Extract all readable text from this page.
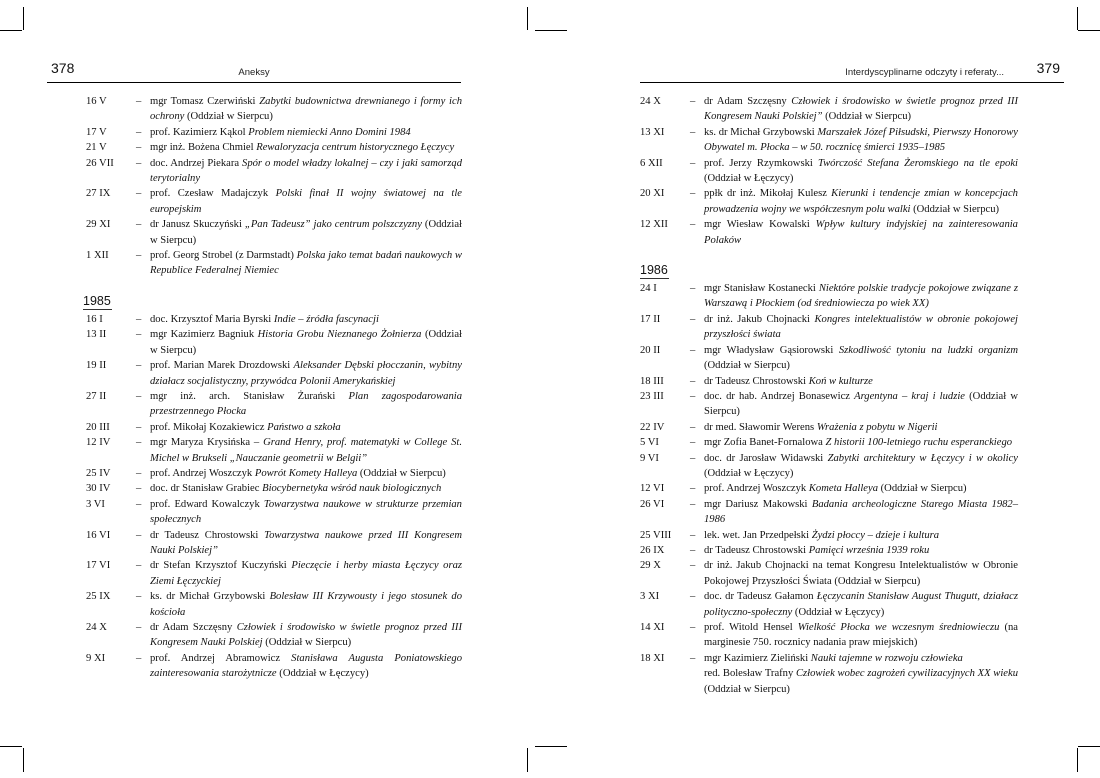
378	Aneksy	Interdyscyplinarne odczyty i referaty... 379
16 V	– mgr Tomasz Czerwiński Zabytki budownictwa drewnianego i formy ich ochrony (Oddział w Sierpcu)
17 V	– prof. Kazimierz Kąkol Problem niemiecki Anno Domini 1984
21 V	– mgr inż. Bożena Chmiel Rewaloryzacja centrum historycznego Łęczycy
26 VII	– doc. Andrzej Piekara Spór o model władzy lokalnej – czy i jaki samorząd terytorialny
27 IX	– prof. Czesław Madajczyk Polski finał II wojny światowej na tle europejskim
29 XI	– dr Janusz Skuczyński „Pan Tadeusz” jako centrum polszczyzny (Oddział w Sierpcu)
1 XII	– prof. Georg Strobel (z Darmstadt) Polska jako temat badań naukowych w Republice Federalnej Niemiec
1985
16 I	– doc. Krzysztof Maria Byrski Indie – źródła fascynacji
13 II	– mgr Kazimierz Bagniuk Historia Grobu Nieznanego Żołnierza (Oddział w Sierpcu)
19 II	– prof. Marian Marek Drozdowski Aleksander Dębski płocczanin, wybitny działacz socjalistyczny, przywódca Polonii Amerykańskiej
27 II	– mgr inż. arch. Stanisław Żurański Plan zagospodarowania przestrzennego Płocka
20 III	– prof. Mikołaj Kozakiewicz Państwo a szkoła
12 IV	– mgr Maryza Krysińska – Grand Henry, prof. matematyki w College St. Michel w Brukseli „Nauczanie geometrii w Belgii”
25 IV	– prof. Andrzej Woszczyk Powrót Komety Halleya (Oddział w Sierpcu)
30 IV	– doc. dr Stanisław Grabiec Biocybernetyka wśród nauk biologicznych
3 VI	– prof. Edward Kowalczyk Towarzystwa naukowe w strukturze przemian społecznych
16 VI	– dr Tadeusz Chrostowski Towarzystwa naukowe przed III Kongresem Nauki Polskiej”
17 VI	– dr Stefan Krzysztof Kuczyński Pieczęcie i herby miasta Łęczycy oraz Ziemi Łęczyckiej
25 IX	– ks. dr Michał Grzybowski Bolesław III Krzywousty i jego stosunek do kościoła
24 X	– dr Adam Szczęsny Człowiek i środowisko w świetle prognoz przed III Kongresem Nauki Polskiej (Oddział w Sierpcu)
9 XI	– prof. Andrzej Abramowicz Stanisława Augusta Poniatowskiego zainteresowania starożytnicze (Oddział w Łęczycy)
24 X	– dr Adam Szczęsny Człowiek i środowisko w świetle prognoz przed III Kongresem Nauki Polskiej” (Oddział w Sierpcu)
13 XI	– ks. dr Michał Grzybowski Marszałek Józef Piłsudski, Pierwszy Honorowy Obywatel m. Płocka – w 50. rocznicę śmierci 1935–1985
6 XII	– prof. Jerzy Rzymkowski Twórczość Stefana Żeromskiego na tle epoki (Oddział w Łęczycy)
20 XI	– ppłk dr inż. Mikołaj Kulesz Kierunki i tendencje zmian w koncepcjach prowadzenia wojny we współczesnym polu walki (Oddział w Sierpcu)
12 XII	– mgr Wiesław Kowalski Wpływ kultury indyjskiej na zainteresowania Polaków
1986
24 I	– mgr Stanisław Kostanecki Niektóre polskie tradycje pokojowe związane z Warszawą i Płockiem (od średniowiecza po wiek XX)
17 II	– dr inż. Jakub Chojnacki Kongres intelektualistów w obronie pokojowej przyszłości świata
20 II	– mgr Władysław Gąsiorowski Szkodliwość tytoniu na ludzki organizm (Oddział w Sierpcu)
18 III	– dr Tadeusz Chrostowski Koń w kulturze
23 III	– doc. dr hab. Andrzej Bonasewicz Argentyna – kraj i ludzie (Oddział w Sierpcu)
22 IV	– dr med. Sławomir Werens Wrażenia z pobytu w Nigerii
5 VI	– mgr Zofia Banet-Fornalowa Z historii 100-letniego ruchu esperanckiego
9 VI	– doc. dr Jarosław Widawski Zabytki architektury w Łęczycy i w okolicy (Oddział w Łęczycy)
12 VI	– prof. Andrzej Woszczyk Kometa Halleya (Oddział w Sierpcu)
26 VI	– mgr Dariusz Makowski Badania archeologiczne Starego Miasta 1982–1986
25 VIII	– lek. wet. Jan Przedpełski Żydzi płoccy – dzieje i kultura
26 IX	– dr Tadeusz Chrostowski Pamięci września 1939 roku
29 X	– dr inż. Jakub Chojnacki na temat Kongresu Intelektualistów w Obronie Pokojowej Przyszłości Świata (Oddział w Sierpcu)
3 XI	– doc. dr Tadeusz Gałamon Łęczycanin Stanisław August Thugutt, działacz polityczno-społeczny (Oddział w Łęczycy)
14 XI	– prof. Witold Hensel Wielkość Płocka we wczesnym średniowieczu (na marginesie 750. rocznicy nadania praw miejskich)
18 XI	– mgr Kazimierz Zieliński Nauki tajemne w rozwoju człowieka
red. Bolesław Trafny Człowiek wobec zagrożeń cywilizacyjnych XX wieku (Oddział w Sierpcu)
